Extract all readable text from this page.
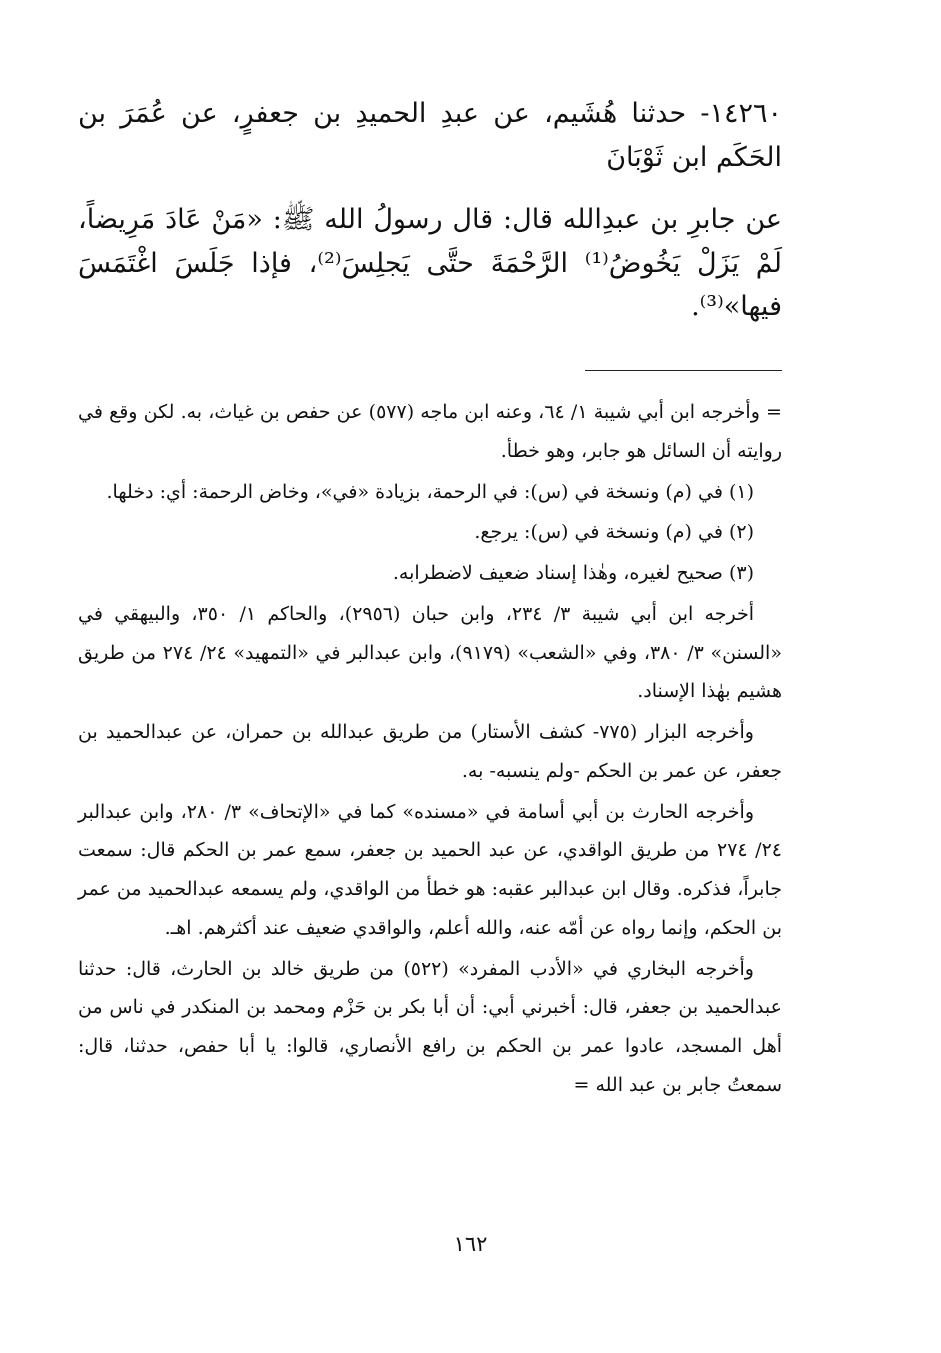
١٤٢٦٠- حدثنا هُشَيم، عن عبدِ الحميدِ بن جعفرٍ، عن عُمَرَ بن الحَكَم ابن ثَوْبَانَ
عن جابرِ بن عبدِالله قال: قال رسولُ الله ﷺ: «مَنْ عَادَ مَرِيضاً، لَمْ يَزَلْ يَخُوضُ⁽¹⁾ الرَّحْمَةَ حتَّى يَجلِسَ⁽²⁾، فإذا جَلَسَ اغْتَمَسَ فيها»⁽³⁾.

= وأخرجه ابن أبي شيبة ١/ ٦٤، وعنه ابن ماجه (٥٧٧) عن حفص بن غياث، به. لكن وقع في روايته أن السائل هو جابر، وهو خطأ.

(١) في (م) ونسخة في (س): في الرحمة، بزيادة «في»، وخاض الرحمة: أي: دخلها.

(٢) في (م) ونسخة في (س): يرجع.

(٣) صحيح لغيره، وهٰذا إسناد ضعيف لاضطرابه.

أخرجه ابن أبي شيبة ٣/ ٢٣٤، وابن حبان (٢٩٥٦)، والحاكم ١/ ٣٥٠، والبيهقي في «السنن» ٣/ ٣٨٠، وفي «الشعب» (٩١٧٩)، وابن عبدالبر في «التمهيد» ٢٤/ ٢٧٤ من طريق هشيم بهٰذا الإسناد.

وأخرجه البزار (٧٧٥- كشف الأستار) من طريق عبدالله بن حمران، عن عبدالحميد بن جعفر، عن عمر بن الحكم -ولم ينسبه- به.

وأخرجه الحارث بن أبي أسامة في «مسنده» كما في «الإتحاف» ٣/ ٢٨٠، وابن عبدالبر ٢٤/ ٢٧٤ من طريق الواقدي، عن عبد الحميد بن جعفر، سمع عمر بن الحكم قال: سمعت جابراً، فذكره. وقال ابن عبدالبر عقبه: هو خطأ من الواقدي، ولم يسمعه عبدالحميد من عمر بن الحكم، وإنما رواه عن أمّه عنه، والله أعلم، والواقدي ضعيف عند أكثرهم. اهـ.

وأخرجه البخاري في «الأدب المفرد» (٥٢٢) من طريق خالد بن الحارث، قال: حدثنا عبدالحميد بن جعفر، قال: أخبرني أبي: أن أبا بكر بن حَزْم ومحمد بن المنكدر في ناس من أهل المسجد، عادوا عمر بن الحكم بن رافع الأنصاري، قالوا: يا أبا حفص، حدثنا، قال: سمعتُ جابر بن عبد الله =

١٦٢
